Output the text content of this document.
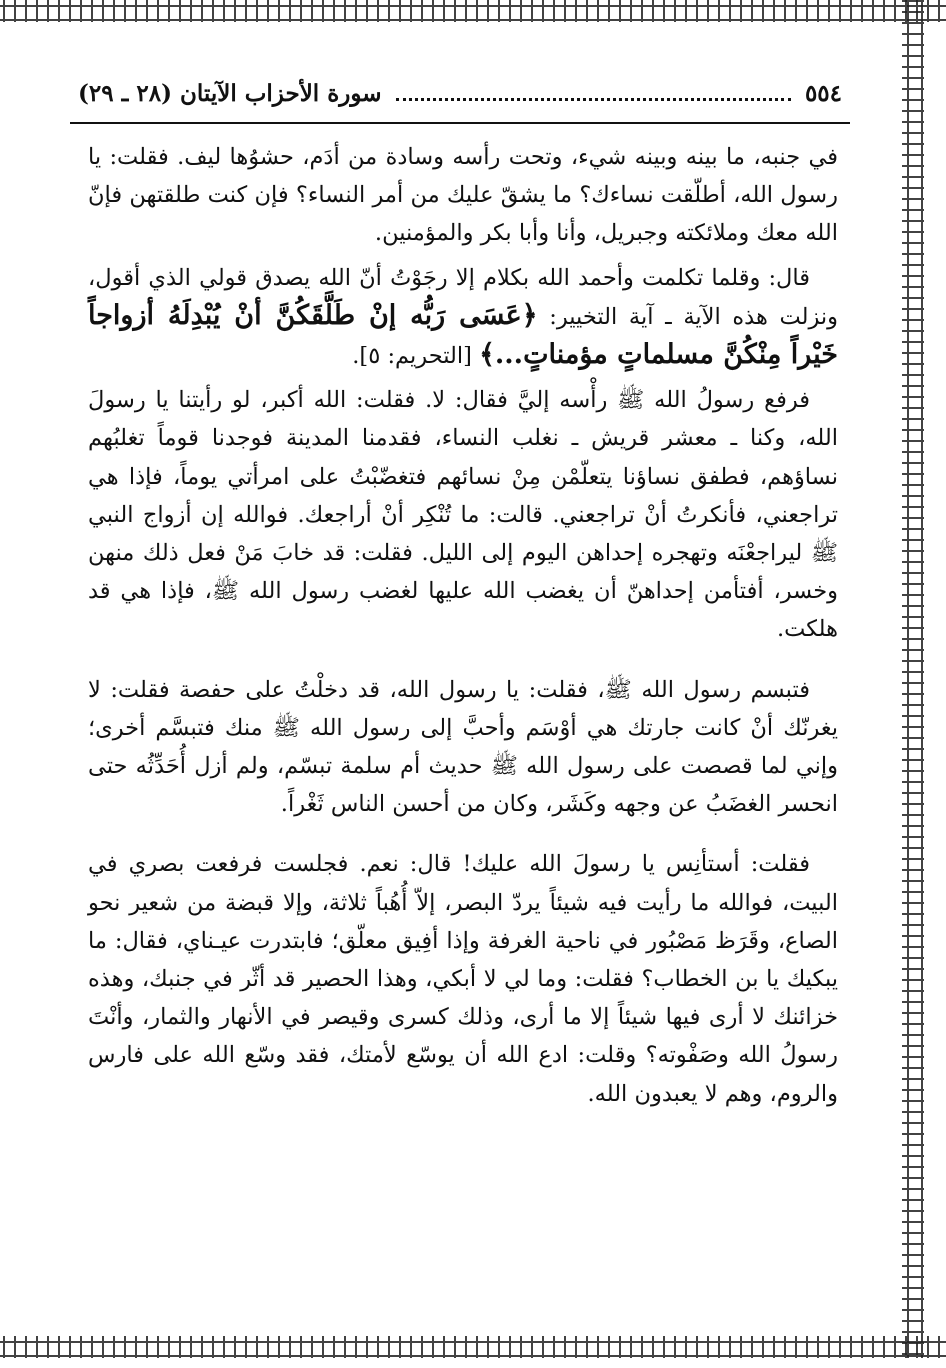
٥٥٤
سورة الأحزاب الآيتان (٢٨ ـ ٢٩)

في جنبه، ما بينه وبينه شيء، وتحت رأسه وسادة من أدَم، حشوُها ليف. فقلت: يا رسول الله، أطلّقت نساءك؟ ما يشقّ عليك من أمر النساء؟ فإن كنت طلقتهن فإنّ الله معك وملائكته وجبريل، وأنا وأبا بكر والمؤمنين.

قال: وقلما تكلمت وأحمد الله بكلام إلا رجَوْتُ أنّ الله يصدق قولي الذي أقول، ونزلت هذه الآية ـ آية التخيير: ﴿عَسَى رَبُّه إنْ طَلَّقَكُنَّ أنْ يُبْدِلَهُ أزواجاً خَيْراً مِنْكُنَّ مسلماتٍ مؤمناتٍ...﴾ [التحريم: ٥].

فرفع رسولُ الله ﷺ رأْسه إليَّ فقال: لا. فقلت: الله أكبر، لو رأيتنا يا رسولَ الله، وكنا ـ معشر قريش ـ نغلب النساء، فقدمنا المدينة فوجدنا قوماً تغلبُهم نساؤهم، فطفق نساؤنا يتعلّمْن مِنْ نسائهم فتغضّبْتُ على امرأتي يوماً، فإذا هي تراجعني، فأنكرتُ أنْ تراجعني. قالت: ما تُنْكِر أنْ أراجعك. فوالله إن أزواج النبي ﷺ ليراجعْنَه وتهجره إحداهن اليوم إلى الليل. فقلت: قد خابَ مَنْ فعل ذلك منهن وخسر، أفتأمن إحداهنّ أن يغضب الله عليها لغضب رسول الله ﷺ، فإذا هي قد هلكت.

فتبسم رسول الله ﷺ، فقلت: يا رسول الله، قد دخلْتُ على حفصة فقلت: لا يغرنّك أنْ كانت جارتك هي أوْسَم وأحبَّ إلى رسول الله ﷺ منك فتبسَّم أخرى؛ وإني لما قصصت على رسول الله ﷺ حديث أم سلمة تبسّم، ولم أزل أُحَدِّثُه حتى انحسر الغضَبُ عن وجهه وكَشَر، وكان من أحسن الناس ثَغْراً.

فقلت: أستأنِس يا رسولَ الله عليك! قال: نعم. فجلست فرفعت بصري في البيت، فوالله ما رأيت فيه شيئاً يردّ البصر، إلاّ أُهُباً ثلاثة، وإلا قبضة من شعير نحو الصاع، وقَرَظ مَصْبُور في ناحية الغرفة وإذا أفِيق معلّق؛ فابتدرت عيـناي، فقال: ما يبكيك يا بن الخطاب؟ فقلت: وما لي لا أبكي، وهذا الحصير قد أثّر في جنبك، وهذه خزائنك لا أرى فيها شيئاً إلا ما أرى، وذلك كسرى وقيصر في الأنهار والثمار، وأنْتَ رسولُ الله وصَفْوته؟ وقلت: ادع الله أن يوسّع لأمتك، فقد وسّع الله على فارس والروم، وهم لا يعبدون الله.
